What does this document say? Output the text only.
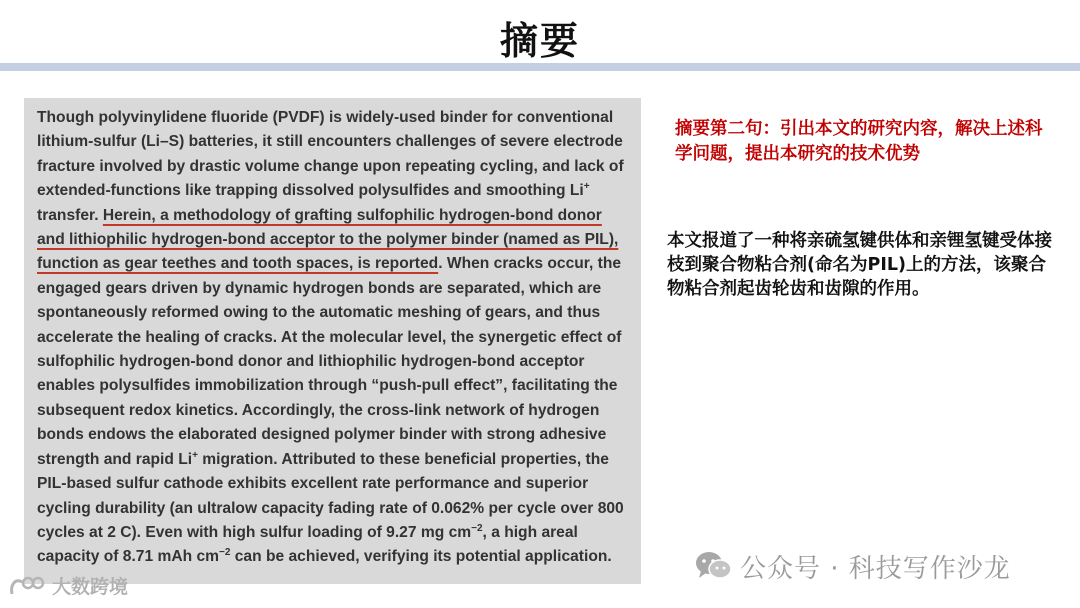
摘要

Though polyvinylidene fluoride (PVDF) is widely-used binder for conventional lithium-sulfur (Li–S) batteries, it still encounters challenges of severe electrode fracture involved by drastic volume change upon repeating cycling, and lack of extended-functions like trapping dissolved polysulfides and smoothing Li+ transfer. Herein, a methodology of grafting sulfophilic hydrogen-bond donor and lithiophilic hydrogen-bond acceptor to the polymer binder (named as PIL), function as gear teethes and tooth spaces, is reported. When cracks occur, the engaged gears driven by dynamic hydrogen bonds are separated, which are spontaneously reformed owing to the automatic meshing of gears, and thus accelerate the healing of cracks. At the molecular level, the synergetic effect of sulfophilic hydrogen-bond donor and lithiophilic hydrogen-bond acceptor enables polysulfides immobilization through “push-pull effect”, facilitating the subsequent redox kinetics. Accordingly, the cross-link network of hydrogen bonds endows the elaborated designed polymer binder with strong adhesive strength and rapid Li+ migration. Attributed to these beneficial properties, the PIL-based sulfur cathode exhibits excellent rate performance and superior cycling durability (an ultralow capacity fading rate of 0.062% per cycle over 800 cycles at 2 C). Even with high sulfur loading of 9.27 mg $cm^{-2}$, a high areal capacity of 8.71 mAh $cm^{-2}$ can be achieved, verifying its potential application.

摘要第二句：引出本文的研究内容，解决上述科学问题，提出本研究的技术优势
本文报道了一种将亲硫氢键供体和亲锂氢键受体接枝到聚合物粘合剂(命名为PIL)上的方法，该聚合物粘合剂起齿轮齿和齿隙的作用。
公众号 · 科技写作沙龙
大数跨境
